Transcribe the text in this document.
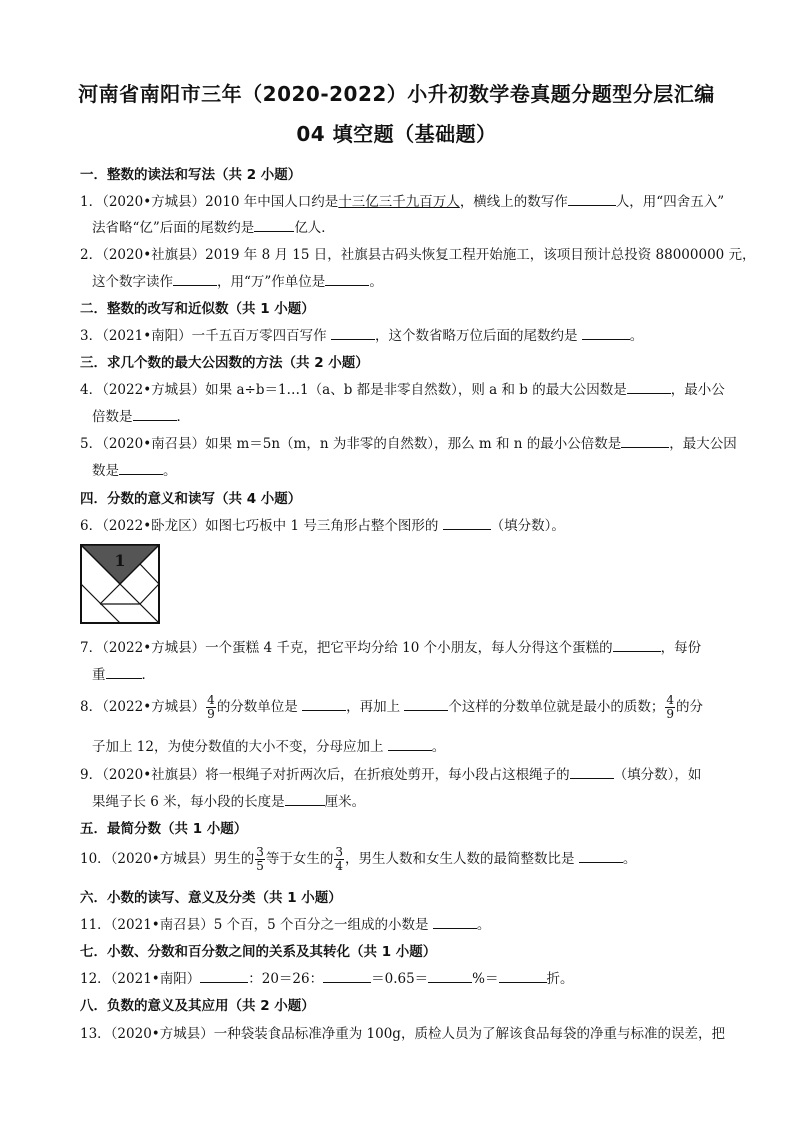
河南省南阳市三年（2020-2022）小升初数学卷真题分题型分层汇编
04 填空题（基础题）
一．整数的读法和写法（共 2 小题）
1．（2020•方城县）2010 年中国人口约是十三亿三千九百万人，横线上的数写作	人，用“四舍五入”
法省略“亿”后面的尾数约是	亿人．
2．（2020•社旗县）2019 年 8 月 15 日，社旗县古码头恢复工程开始施工，该项目预计总投资 88000000 元，
这个数字读作	，用“万”作单位是	。
二．整数的改写和近似数（共 1 小题）
3．（2021•南阳）一千五百万零四百写作	，这个数省略万位后面的尾数约是	。
三．求几个数的最大公因数的方法（共 2 小题）
4．（2022•方城县）如果 a÷b＝1…1（a、b 都是非零自然数），则 a 和 b 的最大公因数是	，最小公
倍数是	．
5．（2020•南召县）如果 m＝5n（m，n 为非零的自然数），那么 m 和 n 的最小公倍数是	，最大公因
数是	。
四．分数的意义和读写（共 4 小题）
6．（2022•卧龙区）如图七巧板中 1 号三角形占整个图形的	（填分数）。
1
7．（2022•方城县）一个蛋糕 4 千克，把它平均分给 10 个小朋友，每人分得这个蛋糕的	，每份
重	．
8．（2022•方城县） $\frac{4}{9}$ 的分数单位是	，再加上	个这样的分数单位就是最小的质数； $\frac{4}{9}$ 的分
子加上 12，为使分数值的大小不变，分母应加上	。
9．（2020•社旗县）将一根绳子对折两次后，在折痕处剪开，每小段占这根绳子的	（填分数），如
果绳子长 6 米，每小段的长度是	厘米。
五．最简分数（共 1 小题）
10．（2020•方城县）男生的 $\frac{3}{5}$ 等于女生的 $\frac{3}{4}$ ，男生人数和女生人数的最简整数比是	。
六．小数的读写、意义及分类（共 1 小题）
11．（2021•南召县）5 个百，5 个百分之一组成的小数是	。
七．小数、分数和百分数之间的关系及其转化（共 1 小题）
12．（2021•南阳）	：20＝26：	＝0.65＝	%＝	折。
八．负数的意义及其应用（共 2 小题）
13．（2020•方城县）一种袋装食品标准净重为 100g，质检人员为了解该食品每袋的净重与标准的误差，把
